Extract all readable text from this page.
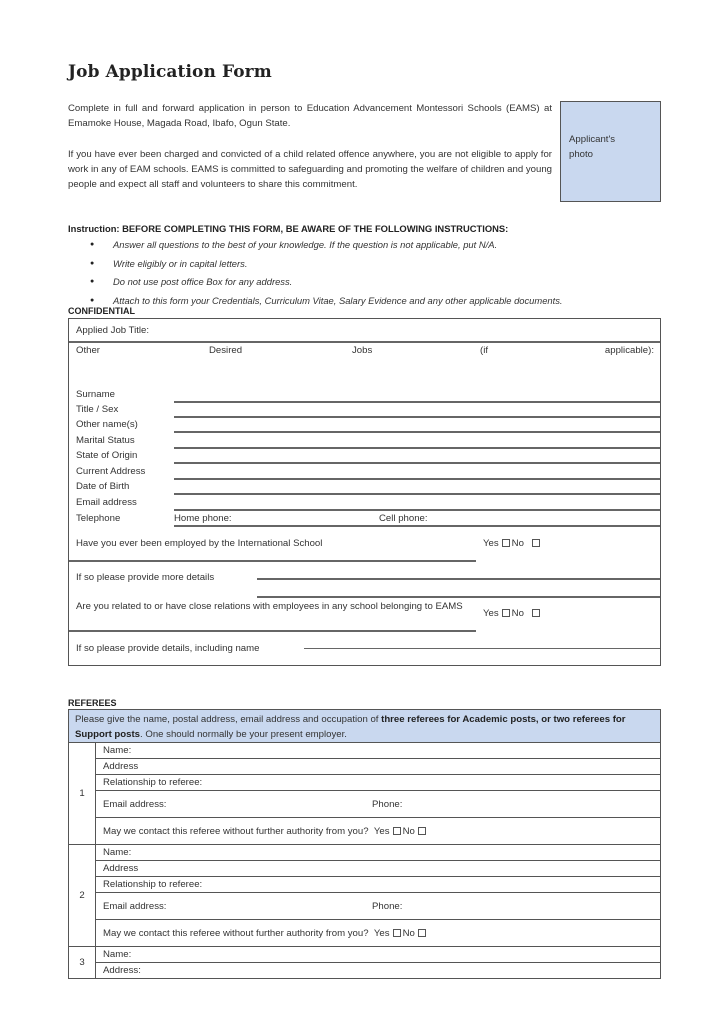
Job Application Form
Complete in full and forward application in person to Education Advancement Montessori Schools (EAMS) at Emamoke House, Magada Road, Ibafo, Ogun State.
If you have ever been charged and convicted of a child related offence anywhere, you are not eligible to apply for work in any of EAM schools. EAMS is committed to safeguarding and promoting the welfare of children and young people and expect all staff and volunteers to share this commitment.
Applicant's
photo
Instruction: BEFORE COMPLETING THIS FORM, BE AWARE OF THE FOLLOWING INSTRUCTIONS:
● Answer all questions to the best of your knowledge. If the question is not applicable, put N/A.
● Write eligibly or in capital letters.
● Do not use post office Box for any address.
● Attach to this form your Credentials, Curriculum Vitae, Salary Evidence and any other applicable documents.
CONFIDENTIAL
Applied Job Title:
Other	Desired	Jobs	(if	applicable):
Surname
Title / Sex
Other name(s)
Marital Status
State of Origin
Current Address
Date of Birth
Email address
Telephone	Home phone:	Cell phone:
Have you ever been employed by the International School	Yes No
If so please provide more details
Are you related to or have close relations with employees in any school belonging to EAMS
Yes No
If so please provide details, including name
REFEREES

Please give the name, postal address, email address and occupation of three referees for Academic posts, or two referees for Support posts. One should normally be your present employer.

1
Name:
Address
Relationship to referee:
Email address:	Phone:
May we contact this referee without further authority from you?
Yes No
2
Name:
Address
Relationship to referee:
Email address:	Phone:
May we contact this referee without further authority from you?
Yes No
3
Name:
Address:
